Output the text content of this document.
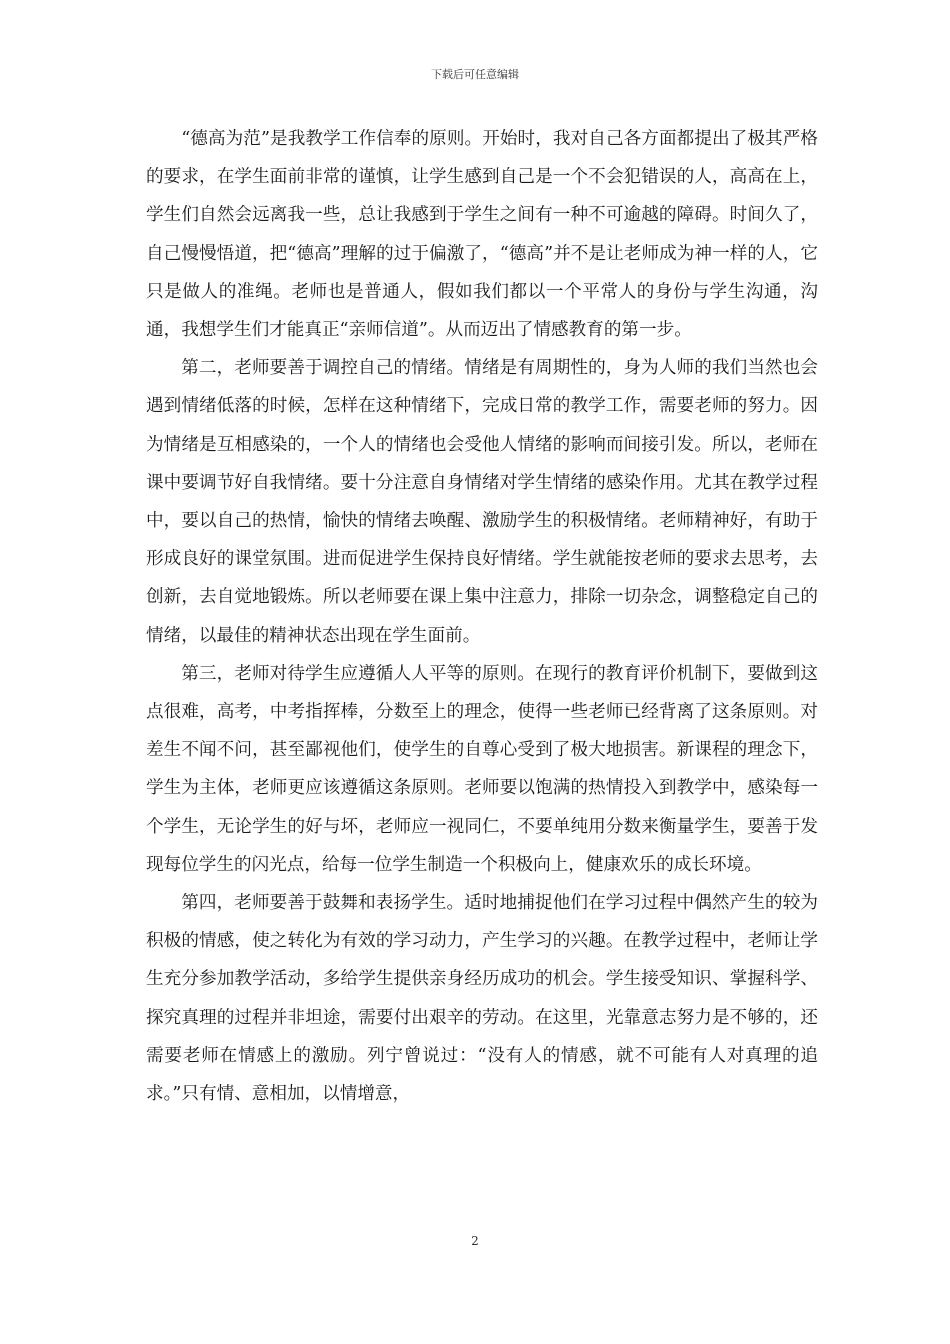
下载后可任意编辑

“德高为范”是我教学工作信奉的原则。开始时，我对自己各方面都提出了极其严格的要求，在学生面前非常的谨慎，让学生感到自己是一个不会犯错误的人，高高在上，学生们自然会远离我一些，总让我感到于学生之间有一种不可逾越的障碍。时间久了，自己慢慢悟道，把“德高”理解的过于偏激了，“德高”并不是让老师成为神一样的人，它只是做人的准绳。老师也是普通人，假如我们都以一个平常人的身份与学生沟通，沟通，我想学生们才能真正“亲师信道”。从而迈出了情感教育的第一步。

第二，老师要善于调控自己的情绪。情绪是有周期性的，身为人师的我们当然也会遇到情绪低落的时候，怎样在这种情绪下，完成日常的教学工作，需要老师的努力。因为情绪是互相感染的，一个人的情绪也会受他人情绪的影响而间接引发。所以，老师在课中要调节好自我情绪。要十分注意自身情绪对学生情绪的感染作用。尤其在教学过程中，要以自己的热情，愉快的情绪去唤醒、激励学生的积极情绪。老师精神好，有助于形成良好的课堂氛围。进而促进学生保持良好情绪。学生就能按老师的要求去思考，去创新，去自觉地锻炼。所以老师要在课上集中注意力，排除一切杂念，调整稳定自己的情绪，以最佳的精神状态出现在学生面前。

第三，老师对待学生应遵循人人平等的原则。在现行的教育评价机制下，要做到这点很难，高考，中考指挥棒，分数至上的理念，使得一些老师已经背离了这条原则。对差生不闻不问，甚至鄙视他们，使学生的自尊心受到了极大地损害。新课程的理念下，学生为主体，老师更应该遵循这条原则。老师要以饱满的热情投入到教学中，感染每一个学生，无论学生的好与坏，老师应一视同仁，不要单纯用分数来衡量学生，要善于发现每位学生的闪光点，给每一位学生制造一个积极向上，健康欢乐的成长环境。

第四，老师要善于鼓舞和表扬学生。适时地捕捉他们在学习过程中偶然产生的较为积极的情感，使之转化为有效的学习动力，产生学习的兴趣。在教学过程中，老师让学生充分参加教学活动，多给学生提供亲身经历成功的机会。学生接受知识、掌握科学、探究真理的过程并非坦途，需要付出艰辛的劳动。在这里，光靠意志努力是不够的，还需要老师在情感上的激励。列宁曾说过：“没有人的情感，就不可能有人对真理的追求。”只有情、意相加，以情增意，

2
